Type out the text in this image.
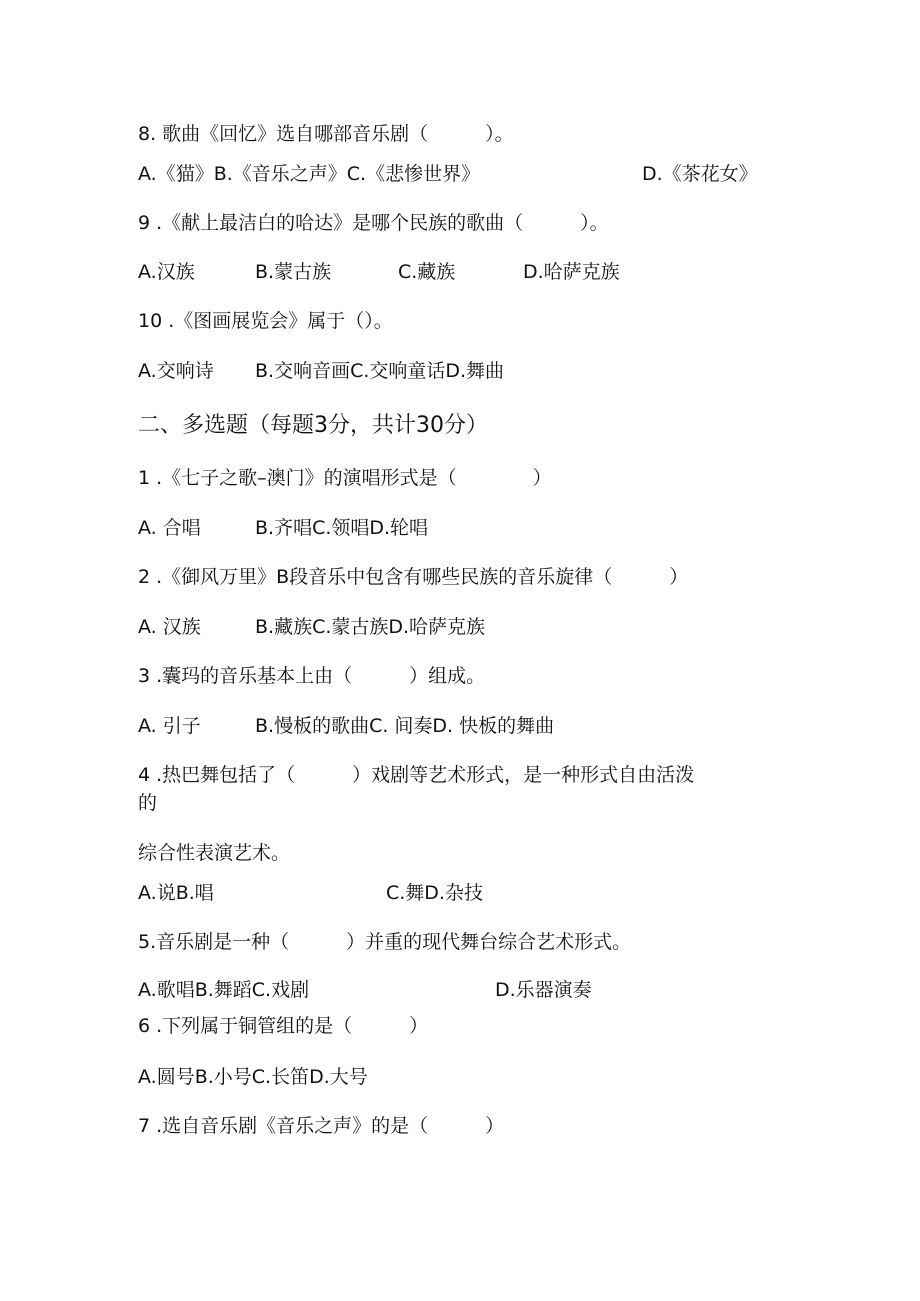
8. 歌曲《回忆》选自哪部音乐剧（　　　）。
A.《猫》B.《音乐之声》C.《悲惨世界》	D.《茶花女》
9 .《献上最洁白的哈达》是哪个民族的歌曲（　　　）。
A.汉族	B.蒙古族	C.藏族	D.哈萨克族
10 .《图画展览会》属于（）。
A.交响诗 B.交响音画C.交响童话D.舞曲
二、多选题（每题3分，共计30分）
1 .《七子之歌–澳门》的演唱形式是（　　　　）
A. 合唱	B.齐唱C.领唱D.轮唱
2 .《御风万里》B段音乐中包含有哪些民族的音乐旋律（　　　）
A. 汉族	B.藏族C.蒙古族D.哈萨克族
3 .囊玛的音乐基本上由（　　　）组成。
A. 引子	B.慢板的歌曲C. 间奏D. 快板的舞曲
4 .热巴舞包括了（　　　）戏剧等艺术形式，是一种形式自由活泼
的
综合性表演艺术。
A.说B.唱	C.舞D.杂技
5.音乐剧是一种（　　　）并重的现代舞台综合艺术形式。
A.歌唱B.舞蹈C.戏剧	D.乐器演奏
6 .下列属于铜管组的是（　　　）
A.圆号B.小号C.长笛D.大号
7 .选自音乐剧《音乐之声》的是（　　　）
